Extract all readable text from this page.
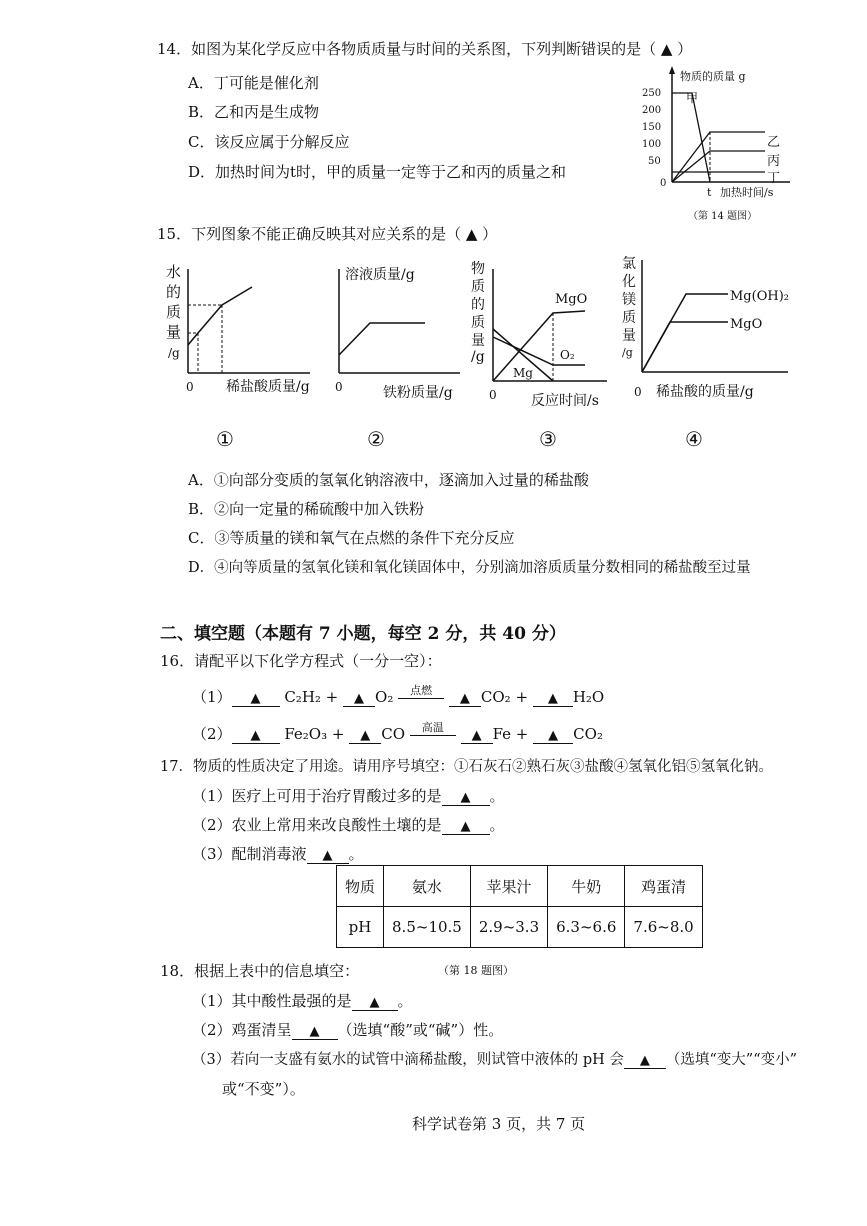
14．如图为某化学反应中各物质质量与时间的关系图，下列判断错误的是（ ▲ ）
A．丁可能是催化剂
B．乙和丙是生成物
C．该反应属于分解反应
D．加热时间为t时，甲的质量一定等于乙和丙的质量之和
物质的质量 g
250
200
150
100
50
0
甲
乙
丙
丁
t 加热时间/s
（第 14 题图）
15．下列图象不能正确反映其对应关系的是（ ▲ ）
水
的
质
量
/g
0 稀盐酸质量/g
溶液质量/g
0	铁粉质量/g
物
质
的
质
量
/g
0 反应时间/s
MgO
O₂
Mg
氯
化
镁
质
量
/g
0 稀盐酸的质量/g
Mg(OH)₂
MgO
①	②	③	④
A．①向部分变质的氢氧化钠溶液中，逐滴加入过量的稀盐酸
B．②向一定量的稀硫酸中加入铁粉
C．③等质量的镁和氧气在点燃的条件下充分反应
D．④向等质量的氢氧化镁和氧化镁固体中，分别滴加溶质质量分数相同的稀盐酸至过量
二、填空题（本题有 7 小题，每空 2 分，共 40 分）
16．请配平以下化学方程式（一分一空）：
（1） ▲ C₂H₂ + ▲ O₂ 点燃 ▲ CO₂ + ▲ H₂O
（2） ▲ Fe₂O₃ + ▲ CO 高温 ▲ Fe + ▲ CO₂
17．物质的性质决定了用途。请用序号填空：①石灰石②熟石灰③盐酸④氢氧化铝⑤氢氧化钠。
（1）医疗上可用于治疗胃酸过多的是 ▲ 。
（2）农业上常用来改良酸性土壤的是 ▲ 。
（3）配制消毒液 ▲ 。
物质	氨水	苹果汁	牛奶	鸡蛋清
pH	8.5~10.5	2.9~3.3	6.3~6.6	7.6~8.0
18．根据上表中的信息填空：	（第 18 题图）
（1）其中酸性最强的是 ▲ 。
（2）鸡蛋清呈 ▲ （选填“酸”或“碱”）性。
（3）若向一支盛有氨水的试管中滴稀盐酸，则试管中液体的 pH 会 ▲ （选填“变大”“变小”
或“不变”）。
科学试卷第 3 页，共 7 页
